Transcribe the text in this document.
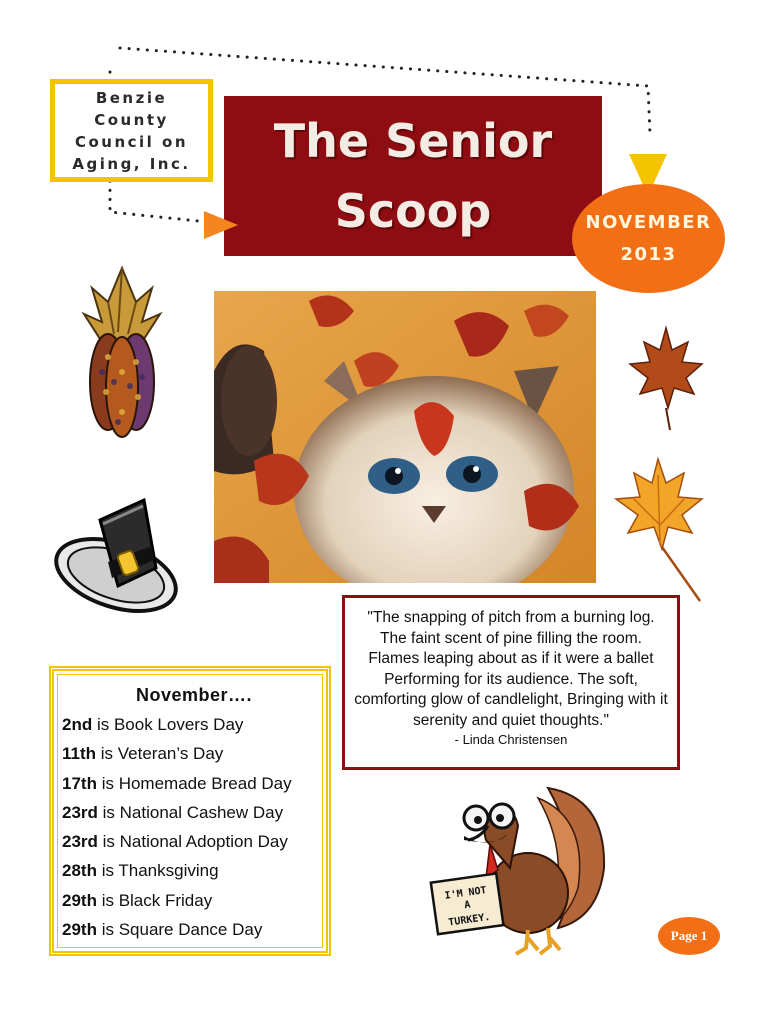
Benzie County Council on Aging, Inc.	The Senior Scoop	NOVEMBER
2013
"The snapping of pitch from a burning log. The faint scent of pine filling the room. Flames leaping about as if it were a ballet Performing for its audience. The soft, comforting glow of candlelight, Bringing with it serenity and quiet thoughts."
- Linda Christensen
November….
2nd is Book Lovers Day
11th is Veteran’s Day
17th is Homemade Bread Day
23rd is National Cashew Day
23rd is National Adoption Day
28th is Thanksgiving
29th is Black Friday
29th is Square Dance Day
I'M NOT
A
TURKEY.
Page 1
